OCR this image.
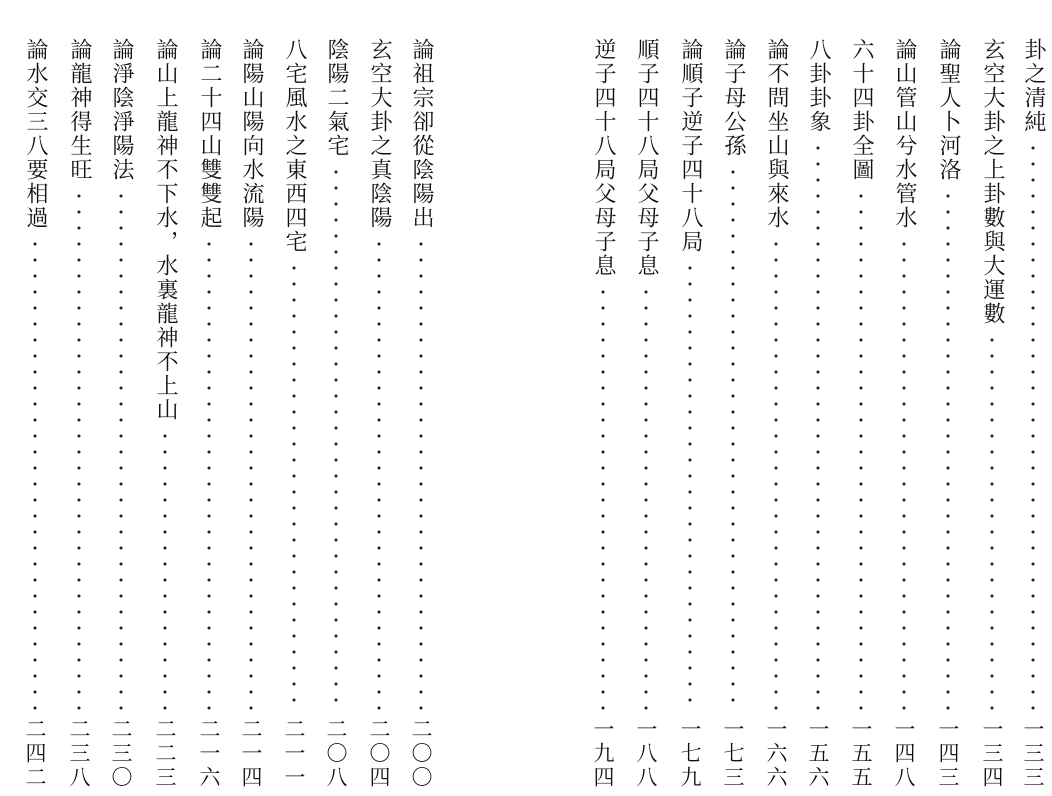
論祖宗卻從陰陽出
二〇〇
玄空大卦之真陰陽
二〇四
陰陽二氣宅
二〇八
八宅風水之東西四宅
二一一
論陽山陽向水流陽
二一四
論二十四山雙雙起
二一六
論山上龍神不下水，水裏龍神不上山
二二三
論淨陰淨陽法
二三〇
論龍神得生旺
二三八
論水交三八要相過
二四二
卦之清純
一三三
玄空大卦之上卦數與大運數
一三四
論聖人卜河洛
一四三
論山管山兮水管水
一四八
六十四卦全圖
一五五
八卦卦象
一五六
論不問坐山與來水
一六六
論子母公孫
一七三
論順子逆子四十八局
一七九
順子四十八局父母子息
一八八
逆子四十八局父母子息
一九四
